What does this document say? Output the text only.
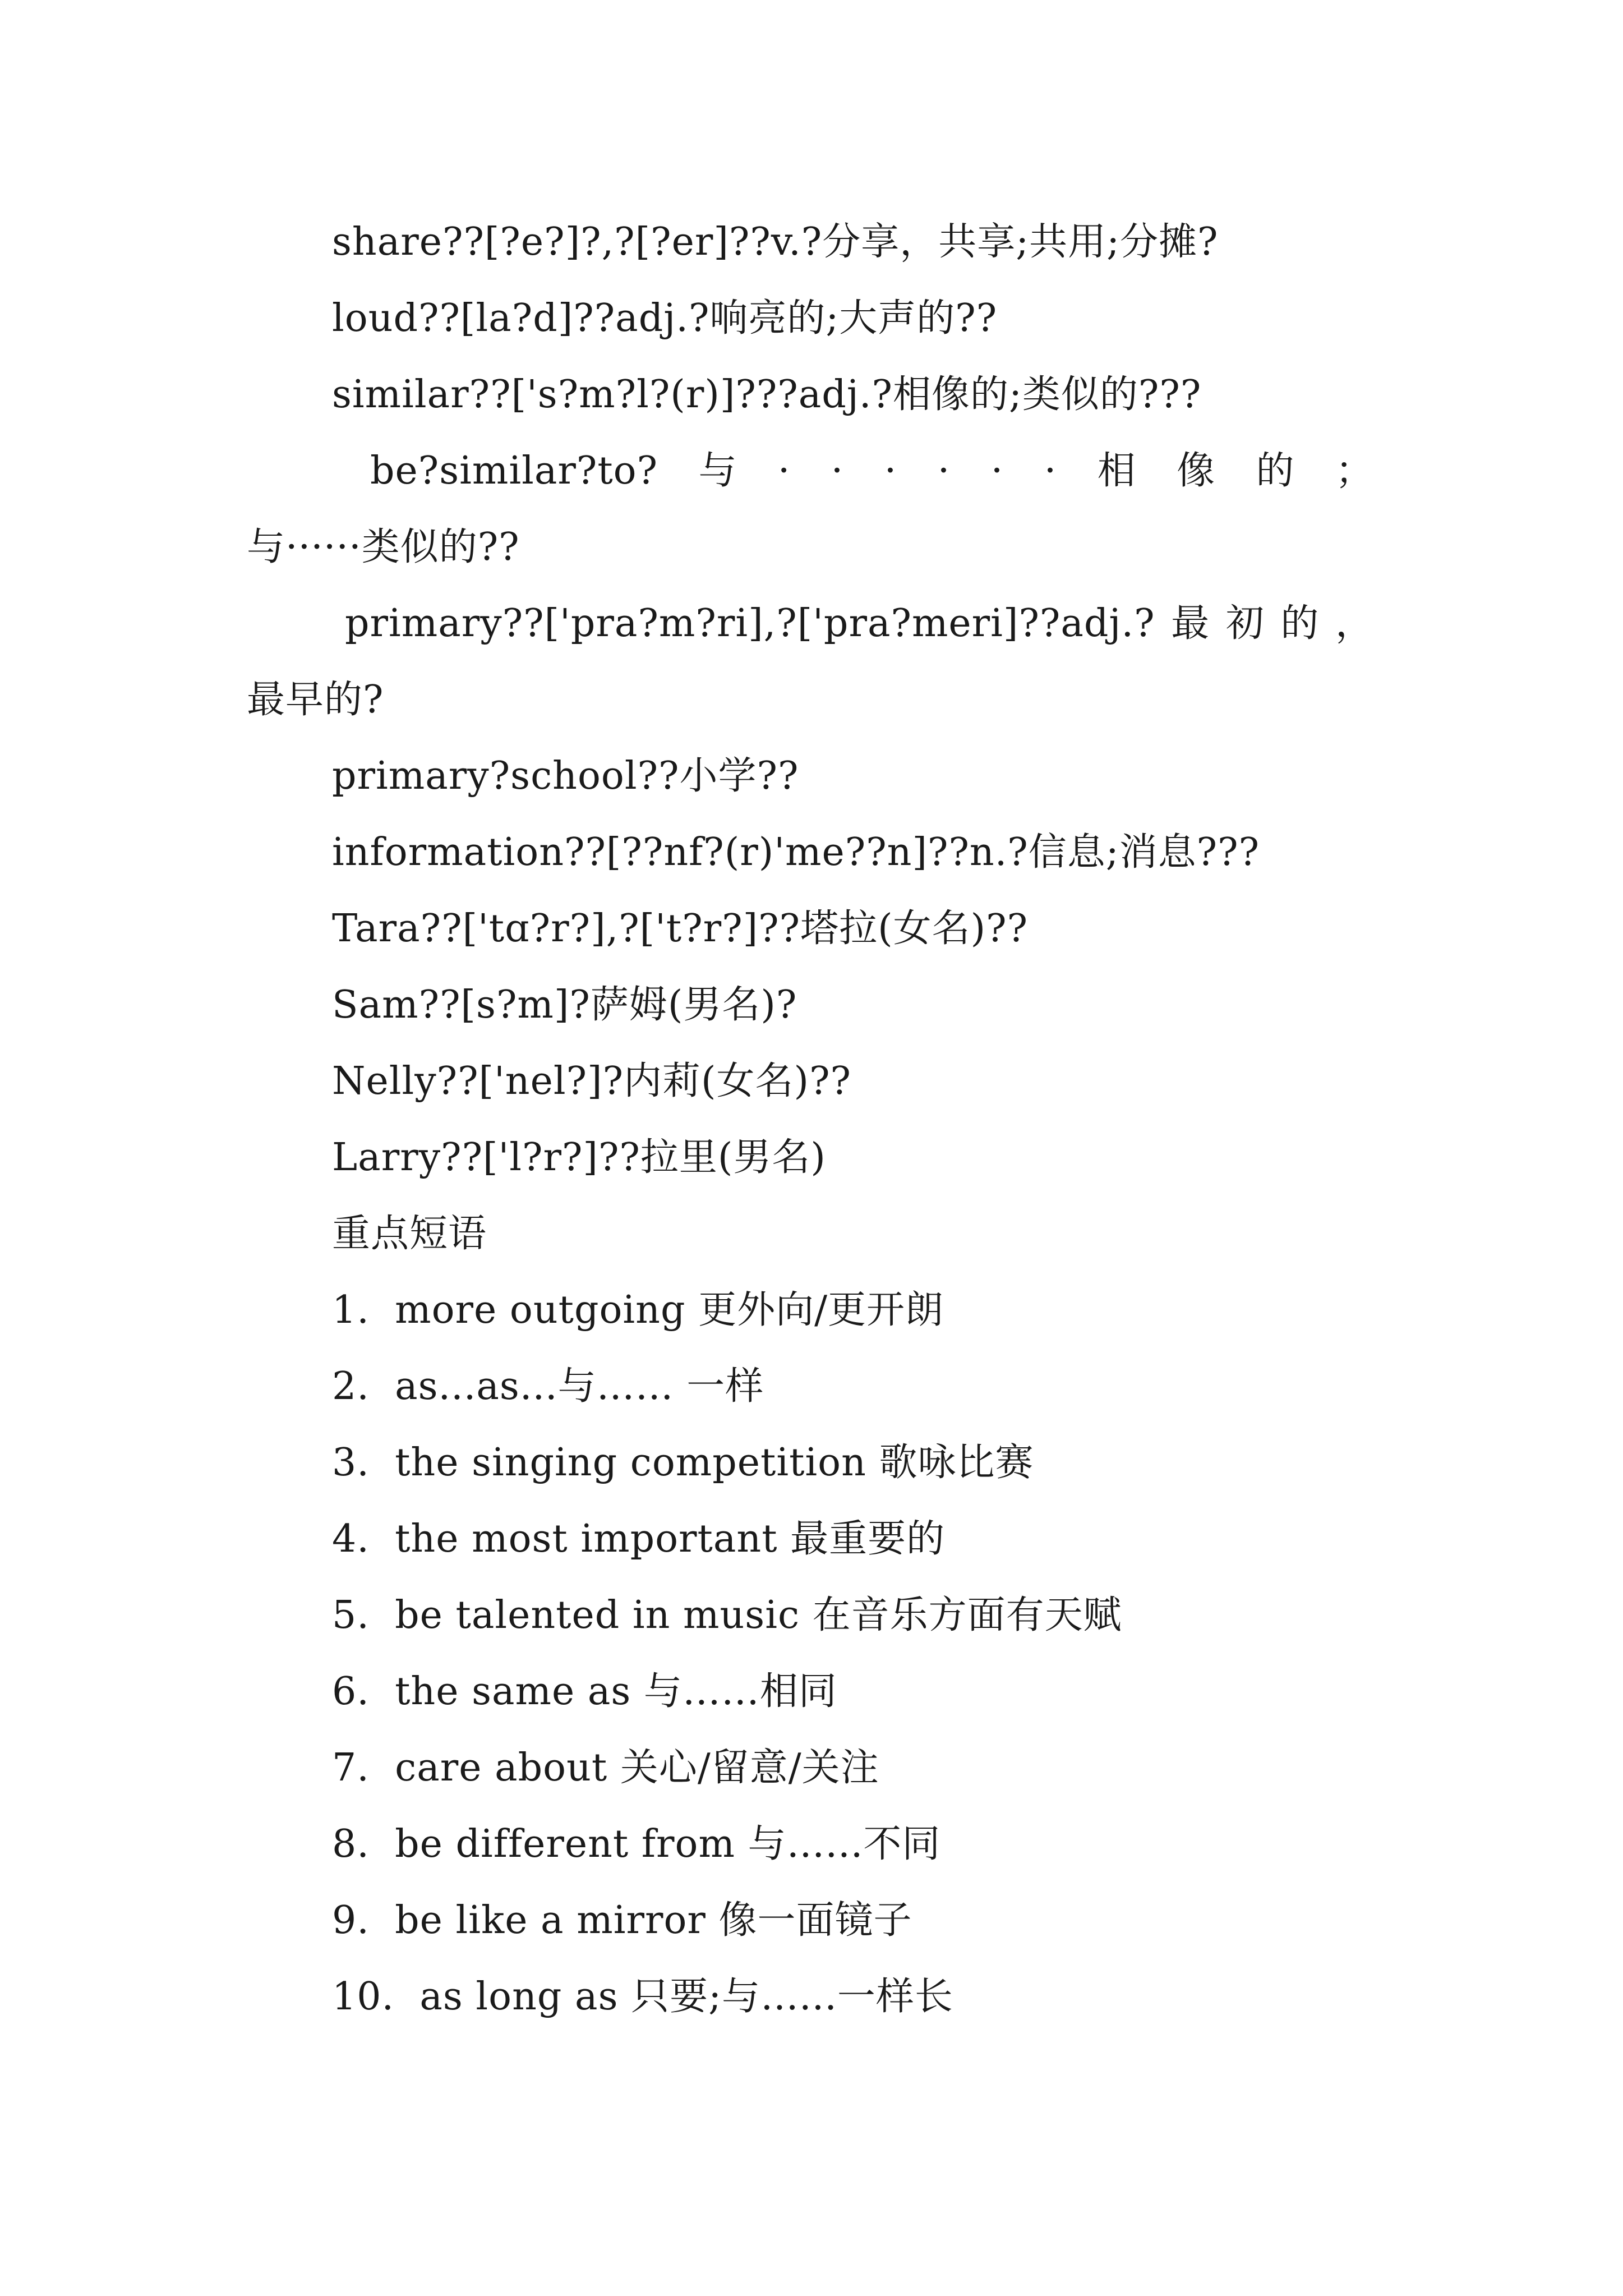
share??[?e?]?,?[?er]??v.?分享，共享;共用;分摊?
loud??[la?d]??adj.?响亮的;大声的??
similar??['s?m?l?(r)]???adj.?相像的;类似的???
be?similar?to? 与 · · · · · · 相 像 的 ；
与······类似的??
primary??['pra?m?ri],?['pra?meri]??adj.? 最 初 的 ，
最早的?
primary?school??小学??
information??[??nf?(r)'me??n]??n.?信息;消息???
Tara??['tɑ?r?],?['t?r?]??塔拉(女名)??
Sam??[s?m]?萨姆(男名)?
Nelly??['nel?]?内莉(女名)??
Larry??['l?r?]??拉里(男名)
重点短语
1.  more outgoing 更外向/更开朗
2.  as...as...与…… 一样
3.  the singing competition 歌咏比赛
4.  the most important 最重要的
5.  be talented in music 在音乐方面有天赋
6.  the same as 与……相同
7.  care about 关心/留意/关注
8.  be different from 与…...不同
9.  be like a mirror 像一面镜子
10.  as long as 只要;与…...一样长
